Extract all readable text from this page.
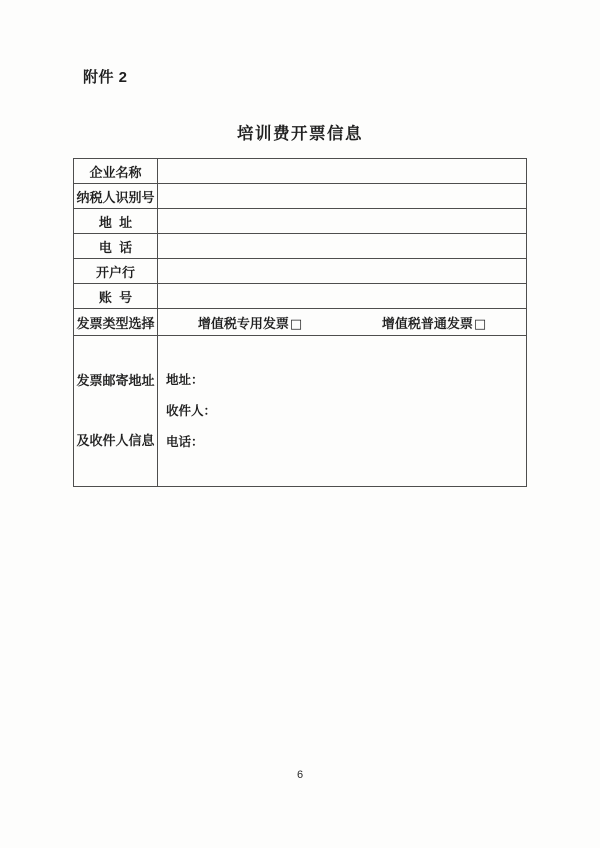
附件 2
培训费开票信息
企业名称	
纳税人识别号	
地  址	
电  话	
开户行	
账  号	
发票类型选择	增值税专用发票□ 增值税普通发票□

发票邮寄地址

及收件人信息

地址：
收件人：
电话：
6
